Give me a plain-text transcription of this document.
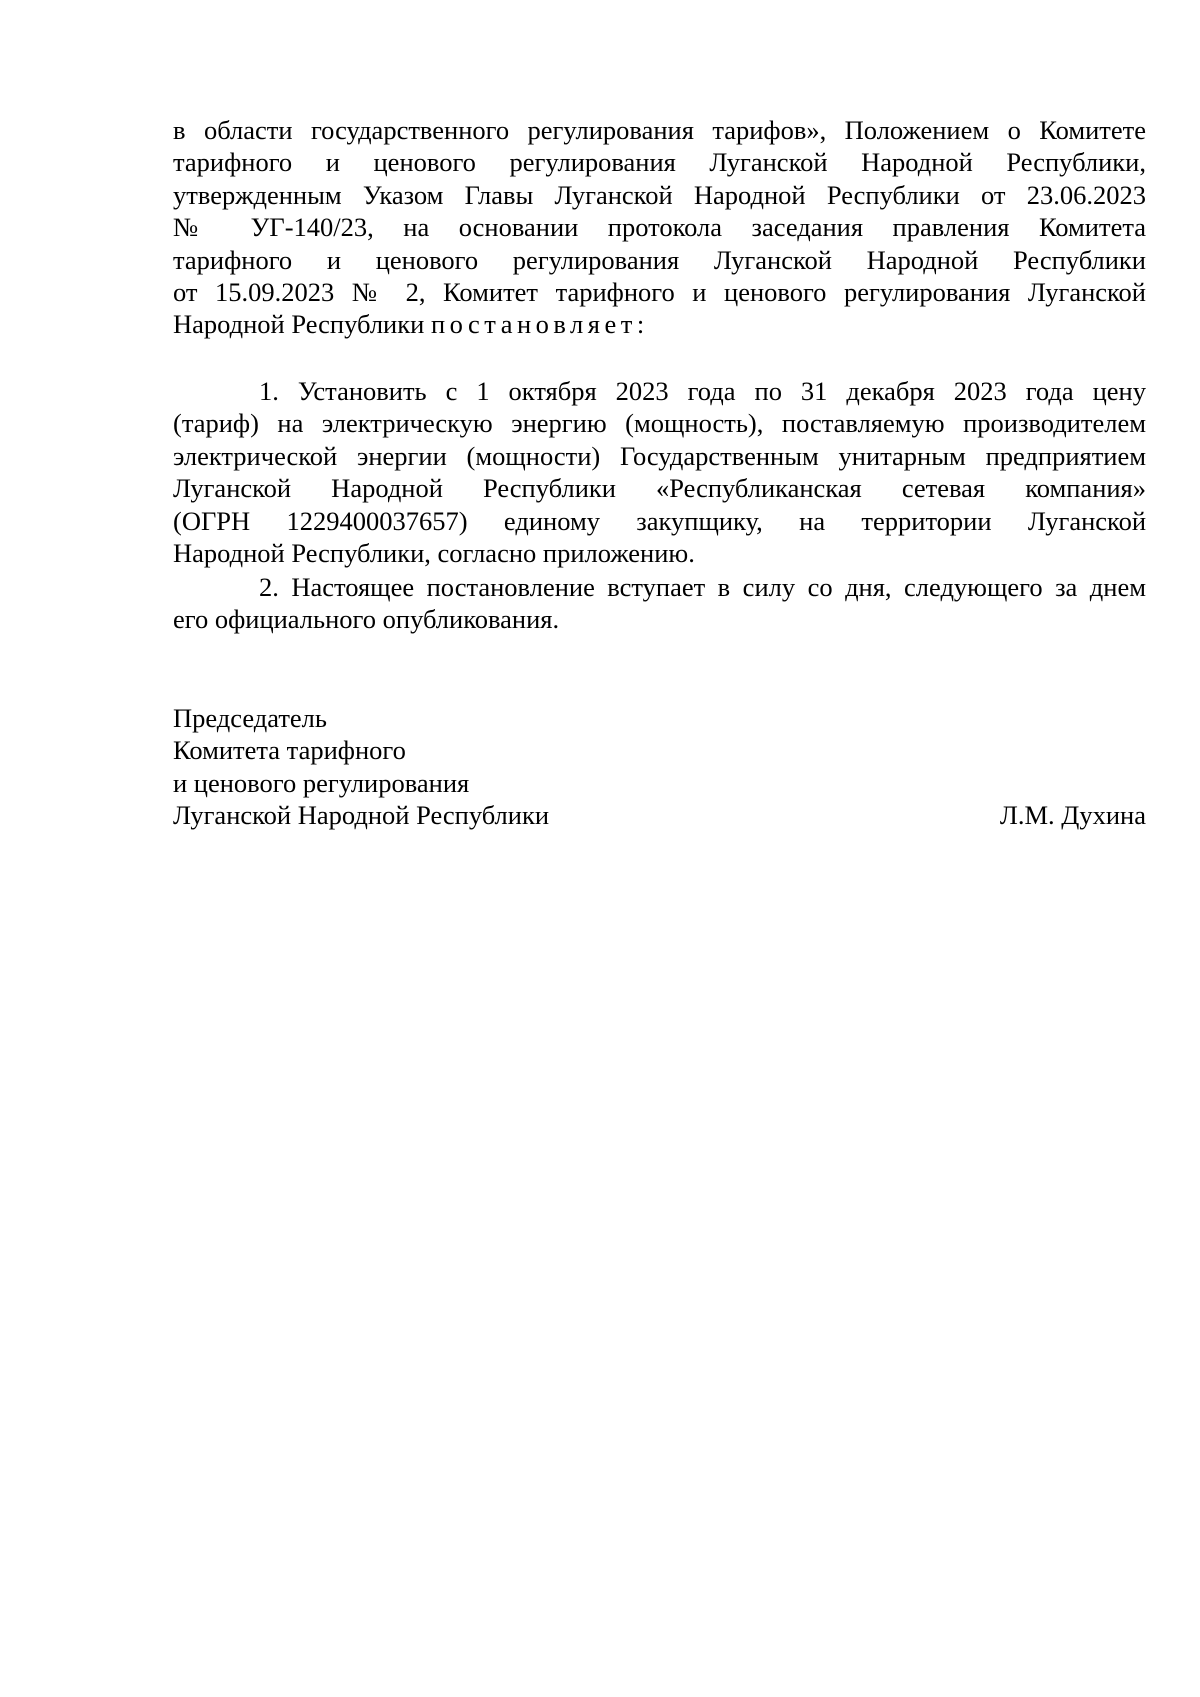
в области государственного регулирования тарифов», Положением о Комитете
тарифного и ценового регулирования Луганской Народной Республики,
утвержденным Указом Главы Луганской Народной Республики от 23.06.2023
№ УГ-140/23, на основании протокола заседания правления Комитета
тарифного и ценового регулирования Луганской Народной Республики
от 15.09.2023 № 2, Комитет тарифного и ценового регулирования Луганской
Народной Республики постановляет:
1. Установить с 1 октября 2023 года по 31 декабря 2023 года цену
(тариф) на электрическую энергию (мощность), поставляемую производителем
электрической энергии (мощности) Государственным унитарным предприятием
Луганской Народной Республики «Республиканская сетевая компания»
(ОГРН 1229400037657) единому закупщику, на территории Луганской
Народной Республики, согласно приложению.
2. Настоящее постановление вступает в силу со дня, следующего за днем
его официального опубликования.
Председатель
Комитета тарифного
и ценового регулирования
Луганской Народной Республики	Л.М. Духина
